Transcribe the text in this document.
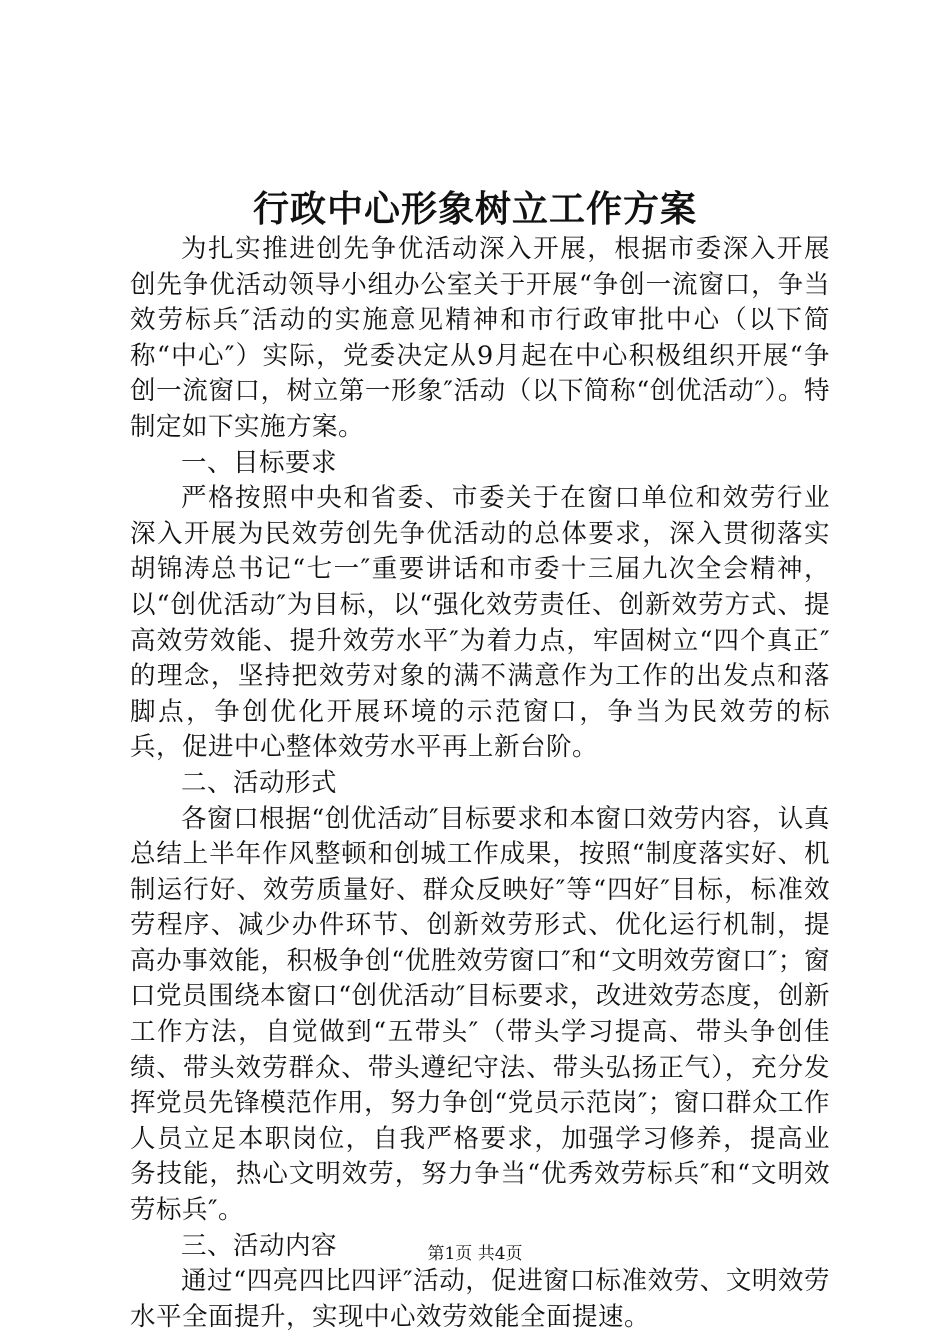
行政中心形象树立工作方案

为扎实推进创先争优活动深入开展，根据市委深入开展创先争优活动领导小组办公室关于开展“争创一流窗口，争当效劳标兵″活动的实施意见精神和市行政审批中心（以下简称“中心″）实际，党委决定从9月起在中心积极组织开展“争创一流窗口，树立第一形象″活动（以下简称“创优活动″）。特制定如下实施方案。

一、目标要求

严格按照中央和省委、市委关于在窗口单位和效劳行业深入开展为民效劳创先争优活动的总体要求，深入贯彻落实胡锦涛总书记“七一″重要讲话和市委十三届九次全会精神，以“创优活动″为目标，以“强化效劳责任、创新效劳方式、提高效劳效能、提升效劳水平″为着力点，牢固树立“四个真正″的理念，坚持把效劳对象的满不满意作为工作的出发点和落脚点，争创优化开展环境的示范窗口，争当为民效劳的标兵，促进中心整体效劳水平再上新台阶。

二、活动形式

各窗口根据“创优活动″目标要求和本窗口效劳内容，认真总结上半年作风整顿和创城工作成果，按照“制度落实好、机制运行好、效劳质量好、群众反映好″等“四好″目标，标准效劳程序、减少办件环节、创新效劳形式、优化运行机制，提高办事效能，积极争创“优胜效劳窗口″和“文明效劳窗口″；窗口党员围绕本窗口“创优活动″目标要求，改进效劳态度，创新工作方法，自觉做到“五带头″（带头学习提高、带头争创佳绩、带头效劳群众、带头遵纪守法、带头弘扬正气），充分发挥党员先锋模范作用，努力争创“党员示范岗″；窗口群众工作人员立足本职岗位，自我严格要求，加强学习修养，提高业务技能，热心文明效劳，努力争当“优秀效劳标兵″和“文明效劳标兵″。

三、活动内容

通过“四亮四比四评″活动，促进窗口标准效劳、文明效劳水平全面提升，实现中心效劳效能全面提速。

第1页 共4页
